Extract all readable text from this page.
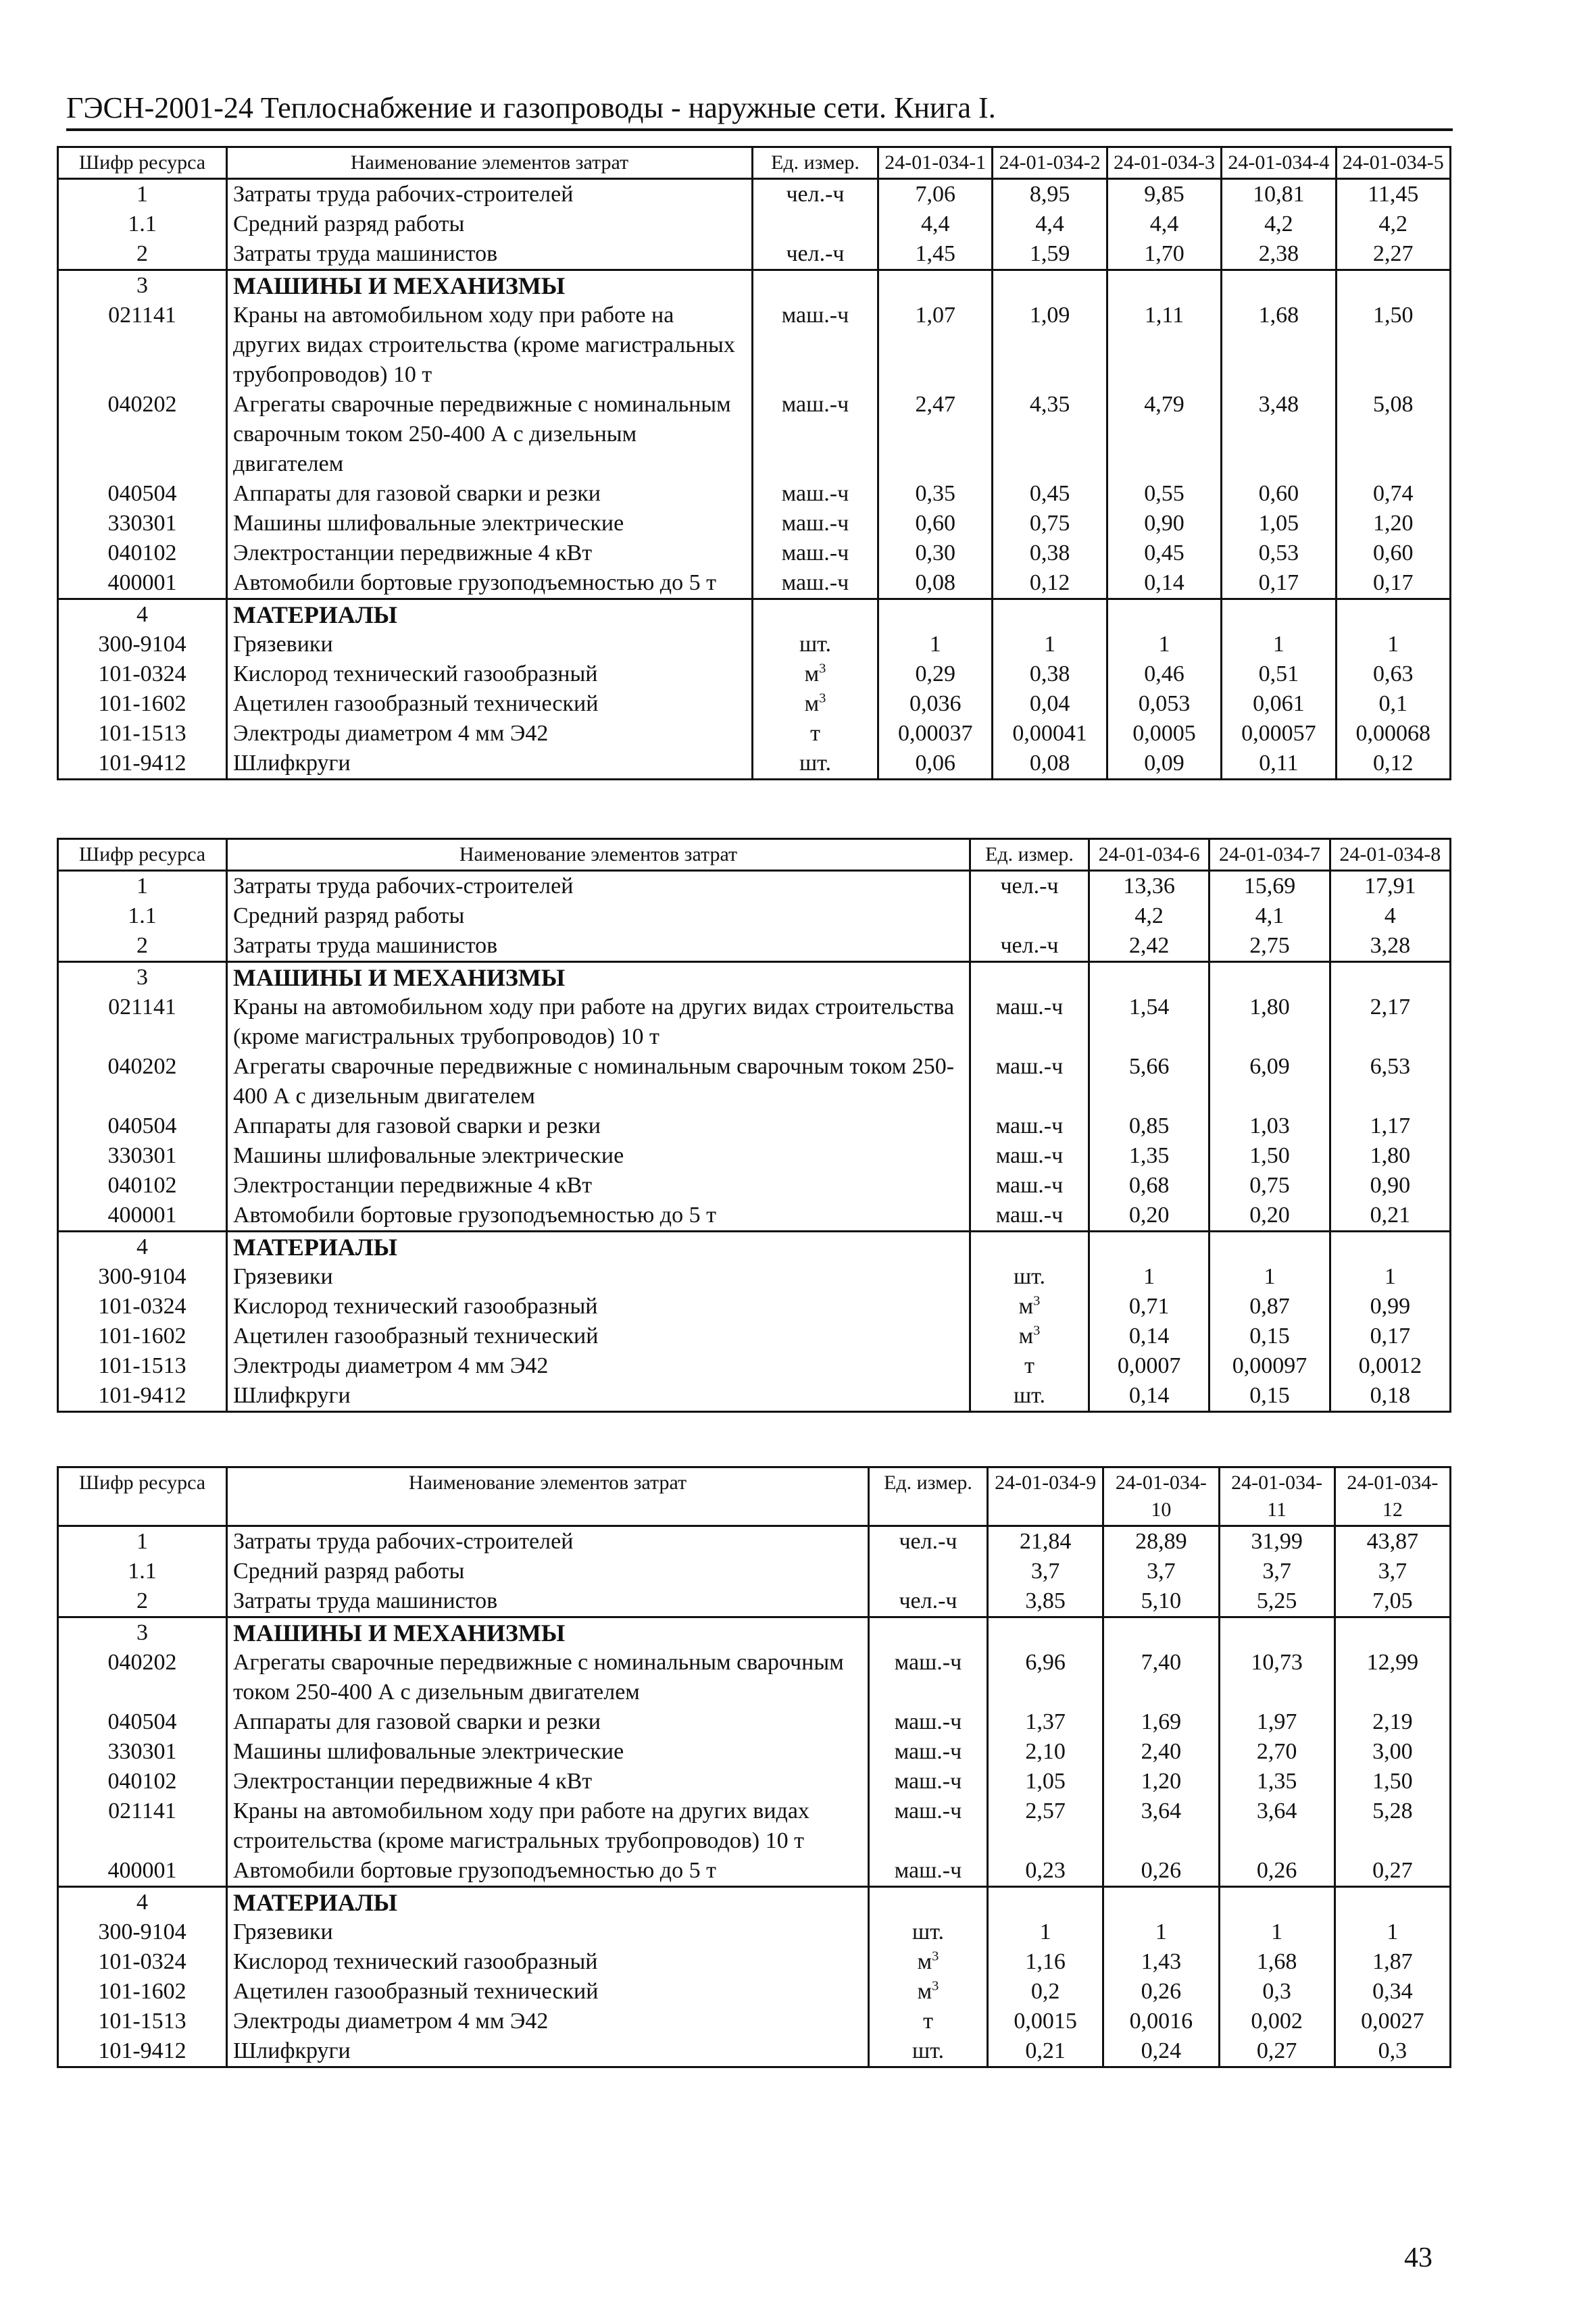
ГЭСН-2001-24 Теплоснабжение и газопроводы - наружные сети. Книга I.
Шифр ресурса	Наименование элементов затрат	Ед. измер.	24-01-034-1	24-01-034-2	24-01-034-3	24-01-034-4	24-01-034-5
1	Затраты труда рабочих-строителей	чел.-ч	7,06	8,95	9,85	10,81	11,45
1.1	Средний разряд работы		4,4	4,4	4,4	4,2	4,2
2	Затраты труда машинистов	чел.-ч	1,45	1,59	1,70	2,38	2,27
3	МАШИНЫ И МЕХАНИЗМЫ						
021141	Краны на автомобильном ходу при работе на других видах строительства (кроме магистральных трубопроводов) 10 т	маш.-ч	1,07	1,09	1,11	1,68	1,50
040202	Агрегаты сварочные передвижные с номинальным сварочным током 250-400 А с дизельным двигателем	маш.-ч	2,47	4,35	4,79	3,48	5,08
040504	Аппараты для газовой сварки и резки	маш.-ч	0,35	0,45	0,55	0,60	0,74
330301	Машины шлифовальные электрические	маш.-ч	0,60	0,75	0,90	1,05	1,20
040102	Электростанции передвижные 4 кВт	маш.-ч	0,30	0,38	0,45	0,53	0,60
400001	Автомобили бортовые грузоподъемностью до 5 т	маш.-ч	0,08	0,12	0,14	0,17	0,17
4	МАТЕРИАЛЫ						
300-9104	Грязевики	шт.	1	1	1	1	1
101-0324	Кислород технический газообразный	$м^3$	0,29	0,38	0,46	0,51	0,63
101-1602	Ацетилен газообразный технический	$м^3$	0,036	0,04	0,053	0,061	0,1
101-1513	Электроды диаметром 4 мм Э42	т	0,00037	0,00041	0,0005	0,00057	0,00068
101-9412	Шлифкруги	шт.	0,06	0,08	0,09	0,11	0,12
Шифр ресурса	Наименование элементов затрат	Ед. измер.	24-01-034-6	24-01-034-7	24-01-034-8
1	Затраты труда рабочих-строителей	чел.-ч	13,36	15,69	17,91
1.1	Средний разряд работы		4,2	4,1	4
2	Затраты труда машинистов	чел.-ч	2,42	2,75	3,28
3	МАШИНЫ И МЕХАНИЗМЫ				
021141	Краны на автомобильном ходу при работе на других видах строительства (кроме магистральных трубопроводов) 10 т	маш.-ч	1,54	1,80	2,17
040202	Агрегаты сварочные передвижные с номинальным сварочным током 250-400 А с дизельным двигателем	маш.-ч	5,66	6,09	6,53
040504	Аппараты для газовой сварки и резки	маш.-ч	0,85	1,03	1,17
330301	Машины шлифовальные электрические	маш.-ч	1,35	1,50	1,80
040102	Электростанции передвижные 4 кВт	маш.-ч	0,68	0,75	0,90
400001	Автомобили бортовые грузоподъемностью до 5 т	маш.-ч	0,20	0,20	0,21
4	МАТЕРИАЛЫ				
300-9104	Грязевики	шт.	1	1	1
101-0324	Кислород технический газообразный	$м^3$	0,71	0,87	0,99
101-1602	Ацетилен газообразный технический	$м^3$	0,14	0,15	0,17
101-1513	Электроды диаметром 4 мм Э42	т	0,0007	0,00097	0,0012
101-9412	Шлифкруги	шт.	0,14	0,15	0,18
Шифр ресурса	Наименование элементов затрат	Ед. измер.	24-01-034-9	24-01-034-10	24-01-034-11	24-01-034-12
1	Затраты труда рабочих-строителей	чел.-ч	21,84	28,89	31,99	43,87
1.1	Средний разряд работы		3,7	3,7	3,7	3,7
2	Затраты труда машинистов	чел.-ч	3,85	5,10	5,25	7,05
3	МАШИНЫ И МЕХАНИЗМЫ					
040202	Агрегаты сварочные передвижные с номинальным сварочным током 250-400 А с дизельным двигателем	маш.-ч	6,96	7,40	10,73	12,99
040504	Аппараты для газовой сварки и резки	маш.-ч	1,37	1,69	1,97	2,19
330301	Машины шлифовальные электрические	маш.-ч	2,10	2,40	2,70	3,00
040102	Электростанции передвижные 4 кВт	маш.-ч	1,05	1,20	1,35	1,50
021141	Краны на автомобильном ходу при работе на других видах строительства (кроме магистральных трубопроводов) 10 т	маш.-ч	2,57	3,64	3,64	5,28
400001	Автомобили бортовые грузоподъемностью до 5 т	маш.-ч	0,23	0,26	0,26	0,27
4	МАТЕРИАЛЫ					
300-9104	Грязевики	шт.	1	1	1	1
101-0324	Кислород технический газообразный	$м^3$	1,16	1,43	1,68	1,87
101-1602	Ацетилен газообразный технический	$м^3$	0,2	0,26	0,3	0,34
101-1513	Электроды диаметром 4 мм Э42	т	0,0015	0,0016	0,002	0,0027
101-9412	Шлифкруги	шт.	0,21	0,24	0,27	0,3
43
